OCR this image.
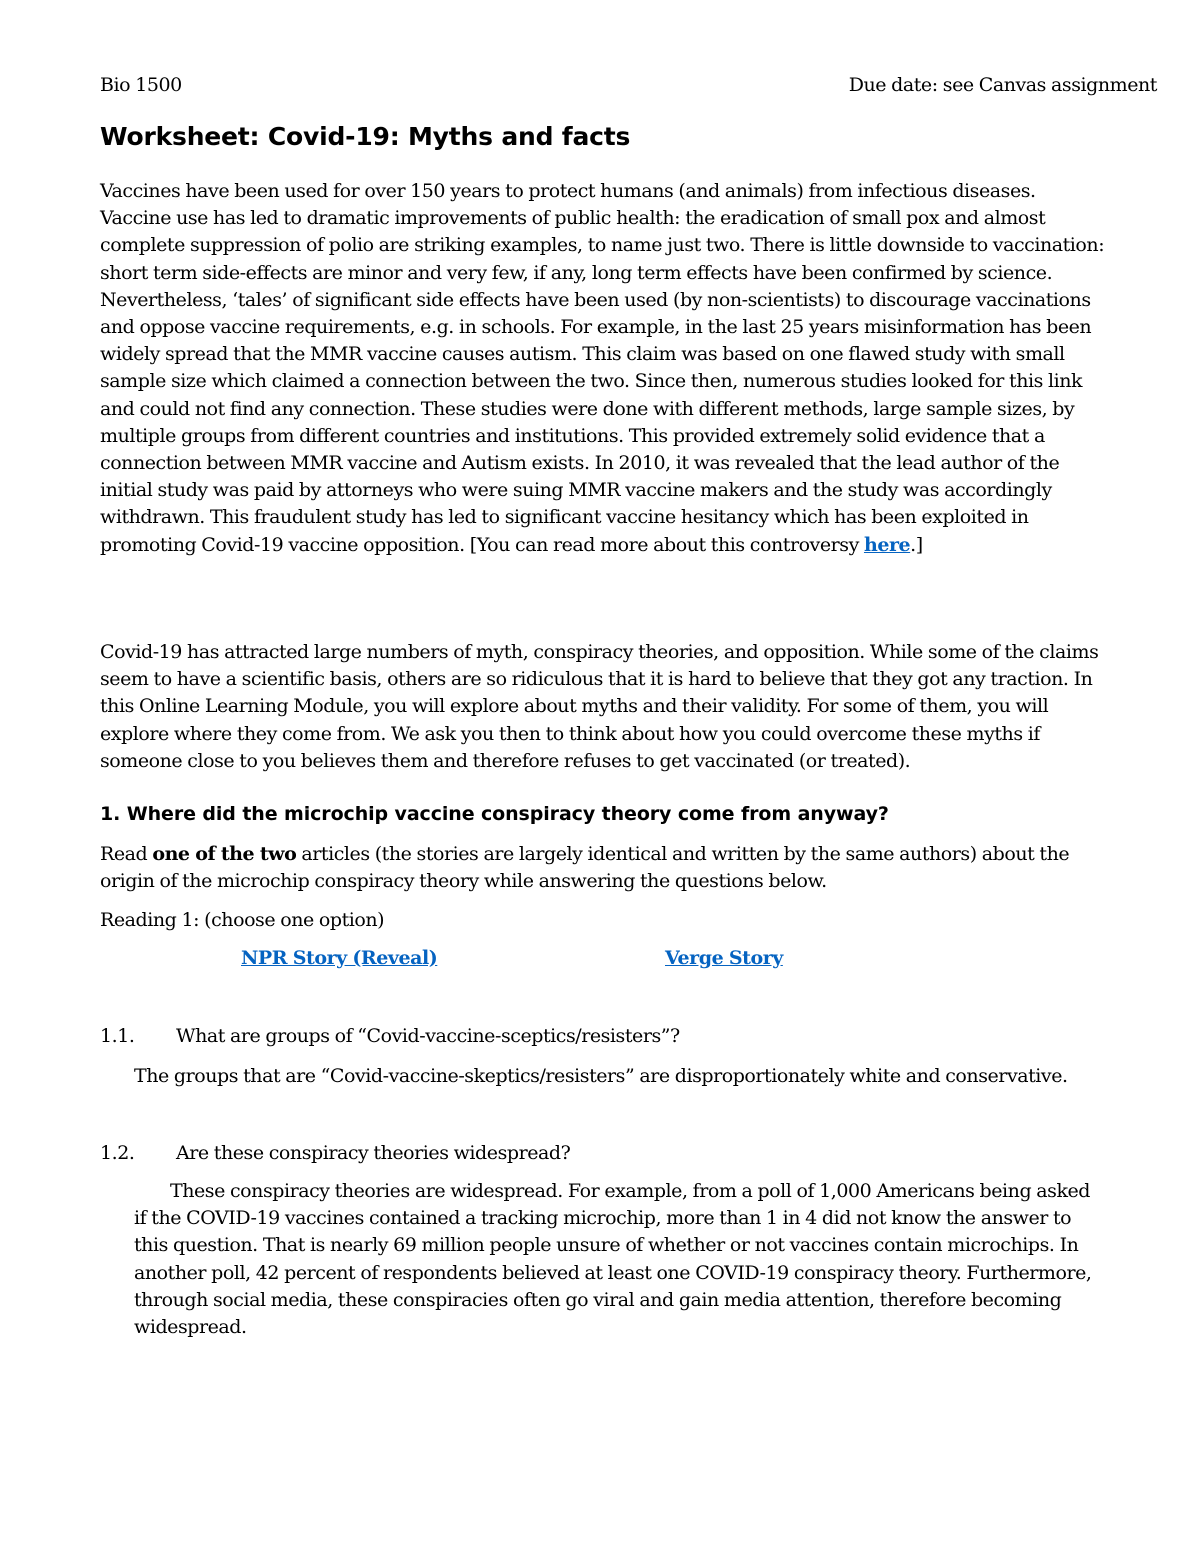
Bio 1500	Due date: see Canvas assignment
Worksheet: Covid-19: Myths and facts

Vaccines have been used for over 150 years to protect humans (and animals) from infectious diseases. Vaccine use has led to dramatic improvements of public health: the eradication of small pox and almost complete suppression of polio are striking examples, to name just two. There is little downside to vaccination: short term side-effects are minor and very few, if any, long term effects have been confirmed by science.

Nevertheless, ‘tales’ of significant side effects have been used (by non-scientists) to discourage vaccinations and oppose vaccine requirements, e.g. in schools. For example, in the last 25 years misinformation has been widely spread that the MMR vaccine causes autism. This claim was based on one flawed study with small sample size which claimed a connection between the two. Since then, numerous studies looked for this link and could not find any connection. These studies were done with different methods, large sample sizes, by multiple groups from different countries and institutions. This provided extremely solid evidence that a connection between MMR vaccine and Autism exists. In 2010, it was revealed that the lead author of the initial study was paid by attorneys who were suing MMR vaccine makers and the study was accordingly withdrawn. This fraudulent study has led to significant vaccine hesitancy which has been exploited in promoting Covid-19 vaccine opposition. [You can read more about this controversy here.]

Covid-19 has attracted large numbers of myth, conspiracy theories, and opposition. While some of the claims seem to have a scientific basis, others are so ridiculous that it is hard to believe that they got any traction. In this Online Learning Module, you will explore about myths and their validity. For some of them, you will explore where they come from. We ask you then to think about how you could overcome these myths if someone close to you believes them and therefore refuses to get vaccinated (or treated).
1. Where did the microchip vaccine conspiracy theory come from anyway?
Read one of the two articles (the stories are largely identical and written by the same authors) about the origin of the microchip conspiracy theory while answering the questions below.
Reading 1: (choose one option)
NPR Story (Reveal)	Verge Story
1.1. What are groups of “Covid-vaccine-sceptics/resisters”?
The groups that are “Covid-vaccine-skeptics/resisters” are disproportionately white and conservative.
1.2. Are these conspiracy theories widespread?
These conspiracy theories are widespread. For example, from a poll of 1,000 Americans being asked if the COVID-19 vaccines contained a tracking microchip, more than 1 in 4 did not know the answer to this question. That is nearly 69 million people unsure of whether or not vaccines contain microchips. In another poll, 42 percent of respondents believed at least one COVID-19 conspiracy theory. Furthermore, through social media, these conspiracies often go viral and gain media attention, therefore becoming widespread.
